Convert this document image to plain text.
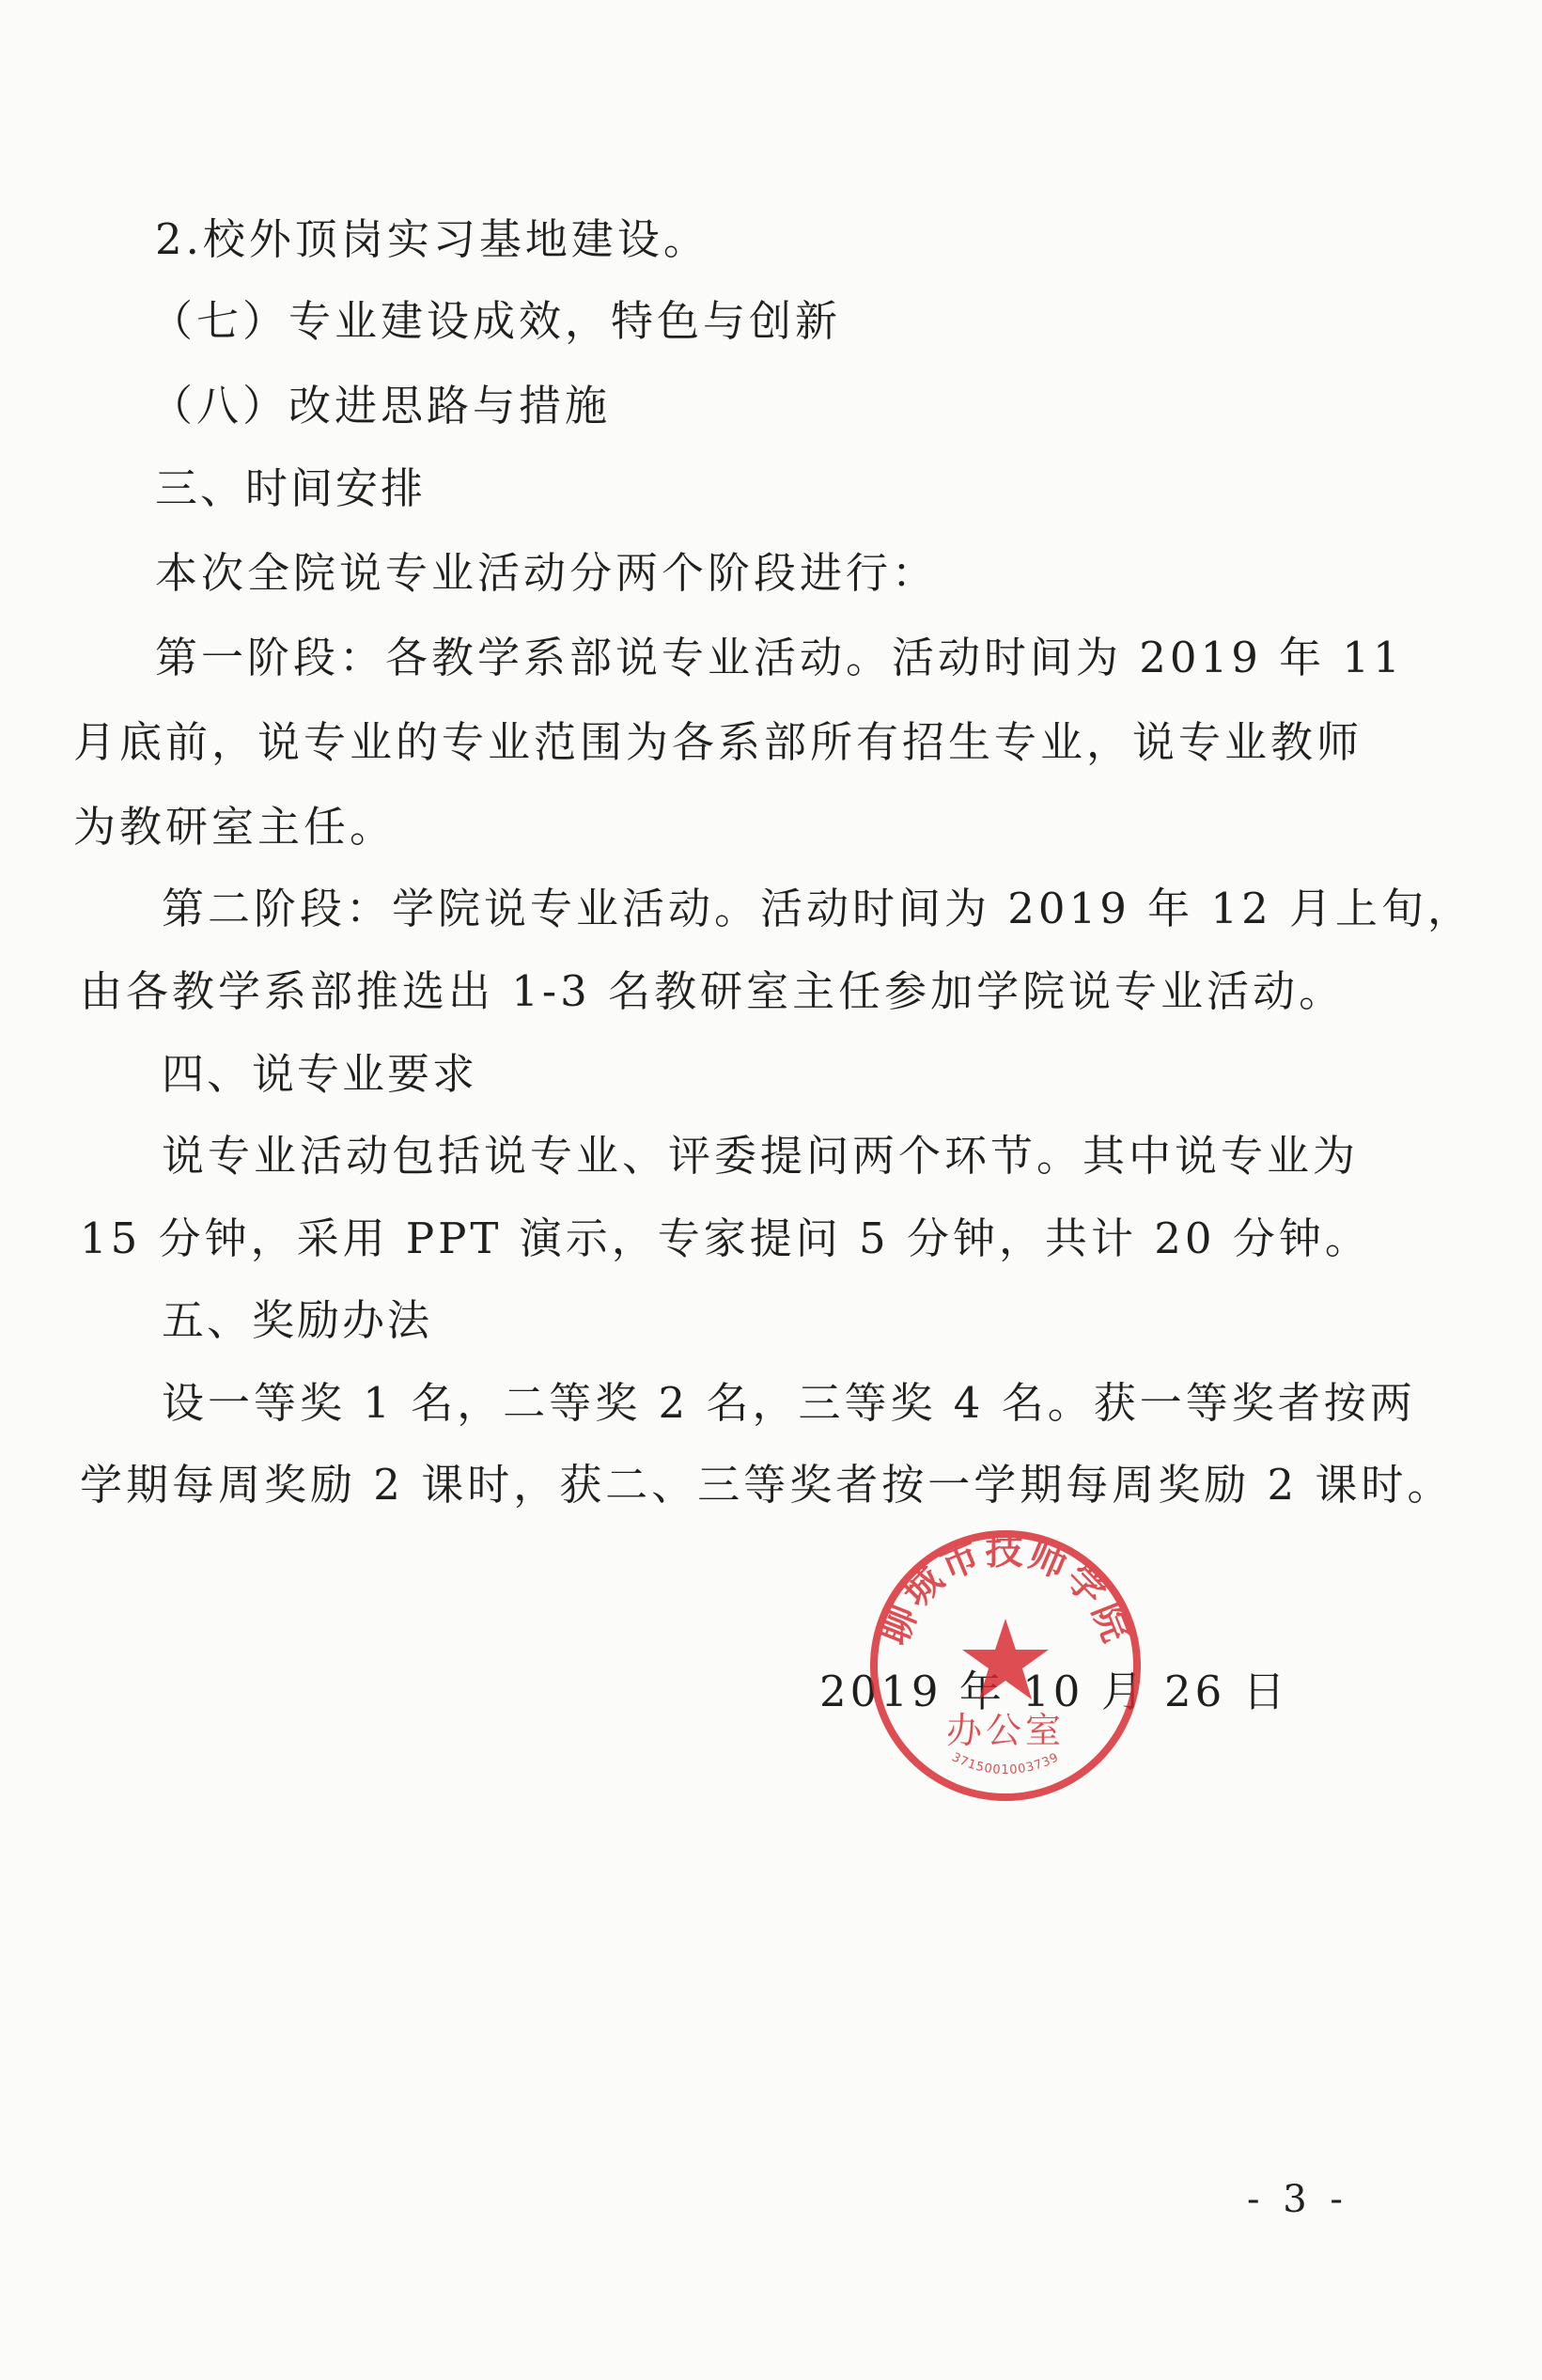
2.校外顶岗实习基地建设。
（七）专业建设成效，特色与创新
（八）改进思路与措施
三、时间安排
本次全院说专业活动分两个阶段进行：
第一阶段：各教学系部说专业活动。活动时间为 2019 年 11
月底前，说专业的专业范围为各系部所有招生专业，说专业教师
为教研室主任。
第二阶段：学院说专业活动。活动时间为 2019 年 12 月上旬，
由各教学系部推选出 1-3 名教研室主任参加学院说专业活动。
四、说专业要求
说专业活动包括说专业、评委提问两个环节。其中说专业为
15 分钟，采用 PPT 演示，专家提问 5 分钟，共计 20 分钟。
五、奖励办法
设一等奖 1 名，二等奖 2 名，三等奖 4 名。获一等奖者按两
学期每周奖励 2 课时，获二、三等奖者按一学期每周奖励 2 课时。
2019 年 10 月 26 日
聊城市技师学院
办公室
3715001003739
- 3 -
